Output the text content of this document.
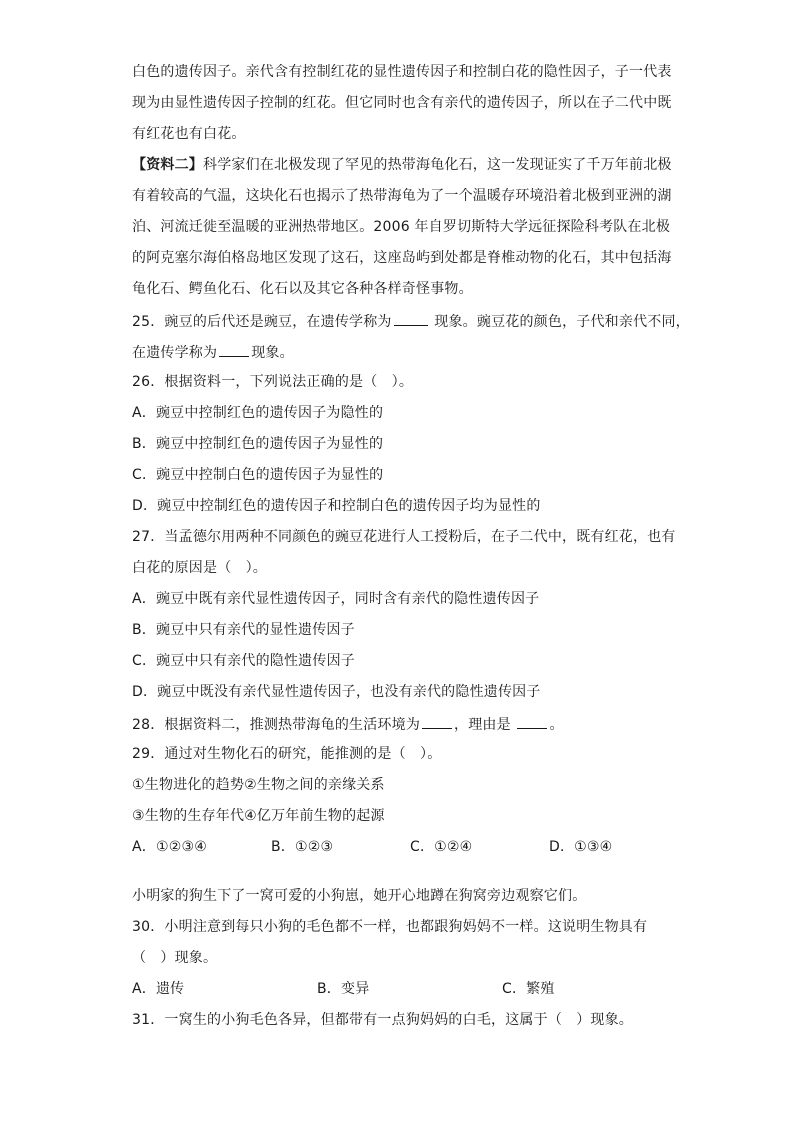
白色的遗传因子。亲代含有控制红花的显性遗传因子和控制白花的隐性因子，子一代表
现为由显性遗传因子控制的红花。但它同时也含有亲代的遗传因子，所以在子二代中既
有红花也有白花。
【资料二】科学家们在北极发现了罕见的热带海龟化石，这一发现证实了千万年前北极
有着较高的气温，这块化石也揭示了热带海龟为了一个温暖存环境沿着北极到亚洲的湖
泊、河流迁徙至温暖的亚洲热带地区。2006 年自罗切斯特大学远征探险科考队在北极
的阿克塞尔海伯格岛地区发现了这石，这座岛屿到处都是脊椎动物的化石，其中包括海
龟化石、鳄鱼化石、化石以及其它各种各样奇怪事物。
25．豌豆的后代还是豌豆，在遗传学称为	现象。豌豆花的颜色，子代和亲代不同，
在遗传学称为 现象。
26．根据资料一，下列说法正确的是（　）。
A．豌豆中控制红色的遗传因子为隐性的
B．豌豆中控制红色的遗传因子为显性的
C．豌豆中控制白色的遗传因子为显性的
D．豌豆中控制红色的遗传因子和控制白色的遗传因子均为显性的
27．当孟德尔用两种不同颜色的豌豆花进行人工授粉后，在子二代中，既有红花，也有
白花的原因是（　）。
A．豌豆中既有亲代显性遗传因子，同时含有亲代的隐性遗传因子
B．豌豆中只有亲代的显性遗传因子
C．豌豆中只有亲代的隐性遗传因子
D．豌豆中既没有亲代显性遗传因子，也没有亲代的隐性遗传因子
28．根据资料二，推测热带海龟的生活环境为 ，理由是 。
29．通过对生物化石的研究，能推测的是（　）。
①生物进化的趋势②生物之间的亲缘关系
③生物的生存年代④亿万年前生物的起源
A．①②③④	B．①②③	C．①②④	D．①③④
小明家的狗生下了一窝可爱的小狗崽，她开心地蹲在狗窝旁边观察它们。
30．小明注意到每只小狗的毛色都不一样，也都跟狗妈妈不一样。这说明生物具有
（　）现象。
A．遗传	B．变异	C．繁殖
31．一窝生的小狗毛色各异，但都带有一点狗妈妈的白毛，这属于（　）现象。
